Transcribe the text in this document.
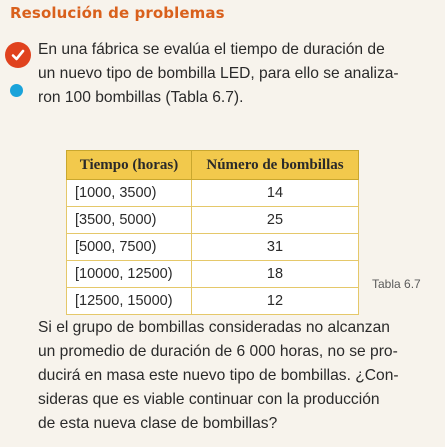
Resolución de problemas
En una fábrica se evalúa el tiempo de duración de
un nuevo tipo de bombilla LED, para ello se analiza-
ron 100 bombillas (Tabla 6.7).
Tiempo (horas)	Número de bombillas
[1000, 3500)	14
[3500, 5000)	25
[5000, 7500)	31
[10000, 12500)	18
[12500, 15000)	12
Tabla 6.7
Si el grupo de bombillas consideradas no alcanzan
un promedio de duración de 6 000 horas, no se pro-
ducirá en masa este nuevo tipo de bombillas. ¿Con-
sideras que es viable continuar con la producción
de esta nueva clase de bombillas?
